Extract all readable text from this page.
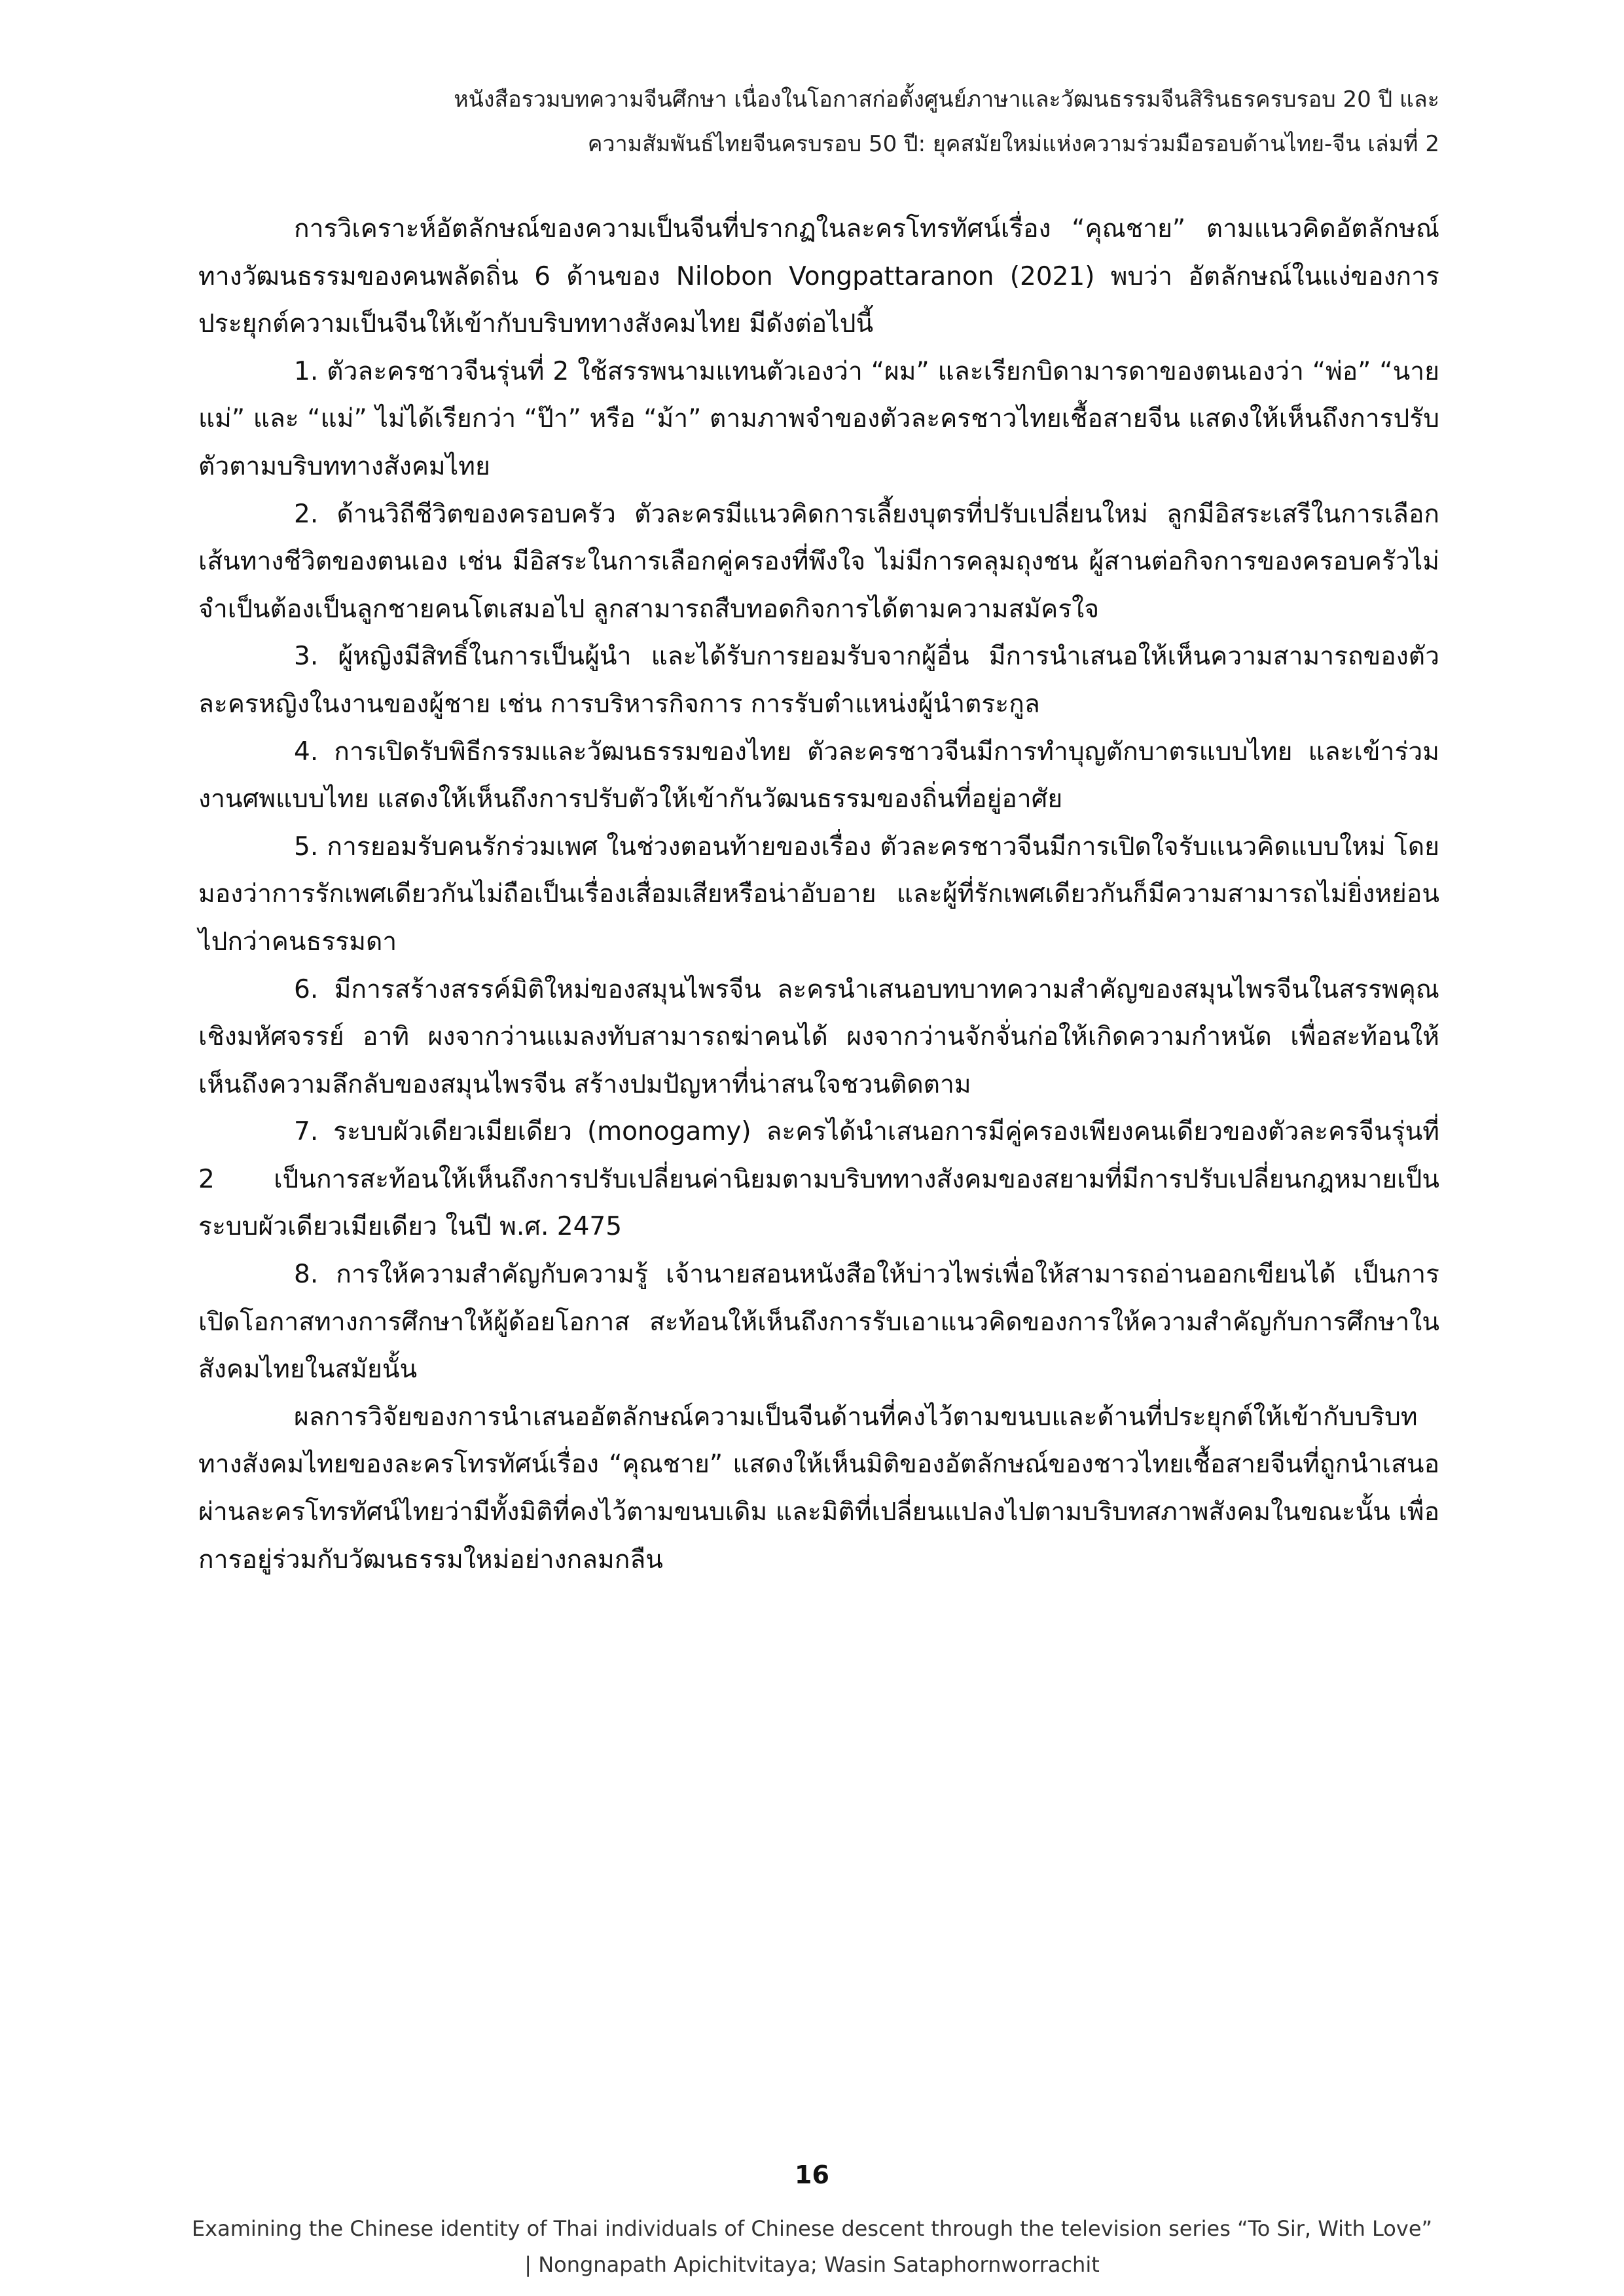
หนังสือรวมบทความจีนศึกษา เนื่องในโอกาสก่อตั้งศูนย์ภาษาและวัฒนธรรมจีนสิรินธรครบรอบ 20 ปี และ
ความสัมพันธ์ไทยจีนครบรอบ 50 ปี: ยุคสมัยใหม่แห่งความร่วมมือรอบด้านไทย-จีน เล่มที่ 2

การวิเคราะห์อัตลักษณ์ของความเป็นจีนที่ปรากฏในละครโทรทัศน์เรื่อง “คุณชาย” ตามแนวคิดอัตลักษณ์ทางวัฒนธรรมของคนพลัดถิ่น 6 ด้านของ Nilobon Vongpattaranon (2021) พบว่า อัตลักษณ์ในแง่ของการประยุกต์ความเป็นจีนให้เข้ากับบริบททางสังคมไทย มีดังต่อไปนี้

1. ตัวละครชาวจีนรุ่นที่ 2 ใช้สรรพนามแทนตัวเองว่า “ผม” และเรียกบิดามารดาของตนเองว่า “พ่อ” “นายแม่” และ “แม่” ไม่ได้เรียกว่า “ป๊า” หรือ “ม้า” ตามภาพจำของตัวละครชาวไทยเชื้อสายจีน แสดงให้เห็นถึงการปรับตัวตามบริบททางสังคมไทย

2. ด้านวิถีชีวิตของครอบครัว ตัวละครมีแนวคิดการเลี้ยงบุตรที่ปรับเปลี่ยนใหม่ ลูกมีอิสระเสรีในการเลือกเส้นทางชีวิตของตนเอง เช่น มีอิสระในการเลือกคู่ครองที่พึงใจ ไม่มีการคลุมถุงชน ผู้สานต่อกิจการของครอบครัวไม่จำเป็นต้องเป็นลูกชายคนโตเสมอไป ลูกสามารถสืบทอดกิจการได้ตามความสมัครใจ

3. ผู้หญิงมีสิทธิ์ในการเป็นผู้นำ และได้รับการยอมรับจากผู้อื่น มีการนำเสนอให้เห็นความสามารถของตัวละครหญิงในงานของผู้ชาย เช่น การบริหารกิจการ การรับตำแหน่งผู้นำตระกูล

4. การเปิดรับพิธีกรรมและวัฒนธรรมของไทย ตัวละครชาวจีนมีการทำบุญตักบาตรแบบไทย และเข้าร่วมงานศพแบบไทย แสดงให้เห็นถึงการปรับตัวให้เข้ากันวัฒนธรรมของถิ่นที่อยู่อาศัย

5. การยอมรับคนรักร่วมเพศ ในช่วงตอนท้ายของเรื่อง ตัวละครชาวจีนมีการเปิดใจรับแนวคิดแบบใหม่ โดยมองว่าการรักเพศเดียวกันไม่ถือเป็นเรื่องเสื่อมเสียหรือน่าอับอาย และผู้ที่รักเพศเดียวกันก็มีความสามารถไม่ยิ่งหย่อนไปกว่าคนธรรมดา

6. มีการสร้างสรรค์มิติใหม่ของสมุนไพรจีน ละครนำเสนอบทบาทความสำคัญของสมุนไพรจีนในสรรพคุณเชิงมหัศจรรย์ อาทิ ผงจากว่านแมลงทับสามารถฆ่าคนได้ ผงจากว่านจักจั่นก่อให้เกิดความกำหนัด เพื่อสะท้อนให้เห็นถึงความลึกลับของสมุนไพรจีน สร้างปมปัญหาที่น่าสนใจชวนติดตาม

7. ระบบผัวเดียวเมียเดียว (monogamy) ละครได้นำเสนอการมีคู่ครองเพียงคนเดียวของตัวละครจีนรุ่นที่ 2 เป็นการสะท้อนให้เห็นถึงการปรับเปลี่ยนค่านิยมตามบริบททางสังคมของสยามที่มีการปรับเปลี่ยนกฎหมายเป็นระบบผัวเดียวเมียเดียว ในปี พ.ศ. 2475

8. การให้ความสำคัญกับความรู้ เจ้านายสอนหนังสือให้บ่าวไพร่เพื่อให้สามารถอ่านออกเขียนได้ เป็นการเปิดโอกาสทางการศึกษาให้ผู้ด้อยโอกาส สะท้อนให้เห็นถึงการรับเอาแนวคิดของการให้ความสำคัญกับการศึกษาในสังคมไทยในสมัยนั้น

ผลการวิจัยของการนำเสนออัตลักษณ์ความเป็นจีนด้านที่คงไว้ตามขนบและด้านที่ประยุกต์ให้เข้ากับบริบททางสังคมไทยของละครโทรทัศน์เรื่อง “คุณชาย” แสดงให้เห็นมิติของอัตลักษณ์ของชาวไทยเชื้อสายจีนที่ถูกนำเสนอผ่านละครโทรทัศน์ไทยว่ามีทั้งมิติที่คงไว้ตามขนบเดิม และมิติที่เปลี่ยนแปลงไปตามบริบทสภาพสังคมในขณะนั้น เพื่อการอยู่ร่วมกับวัฒนธรรมใหม่อย่างกลมกลืน

16
Examining the Chinese identity of Thai individuals of Chinese descent through the television series “To Sir, With Love”
| Nongnapath Apichitvitaya; Wasin Sataphornworrachit
